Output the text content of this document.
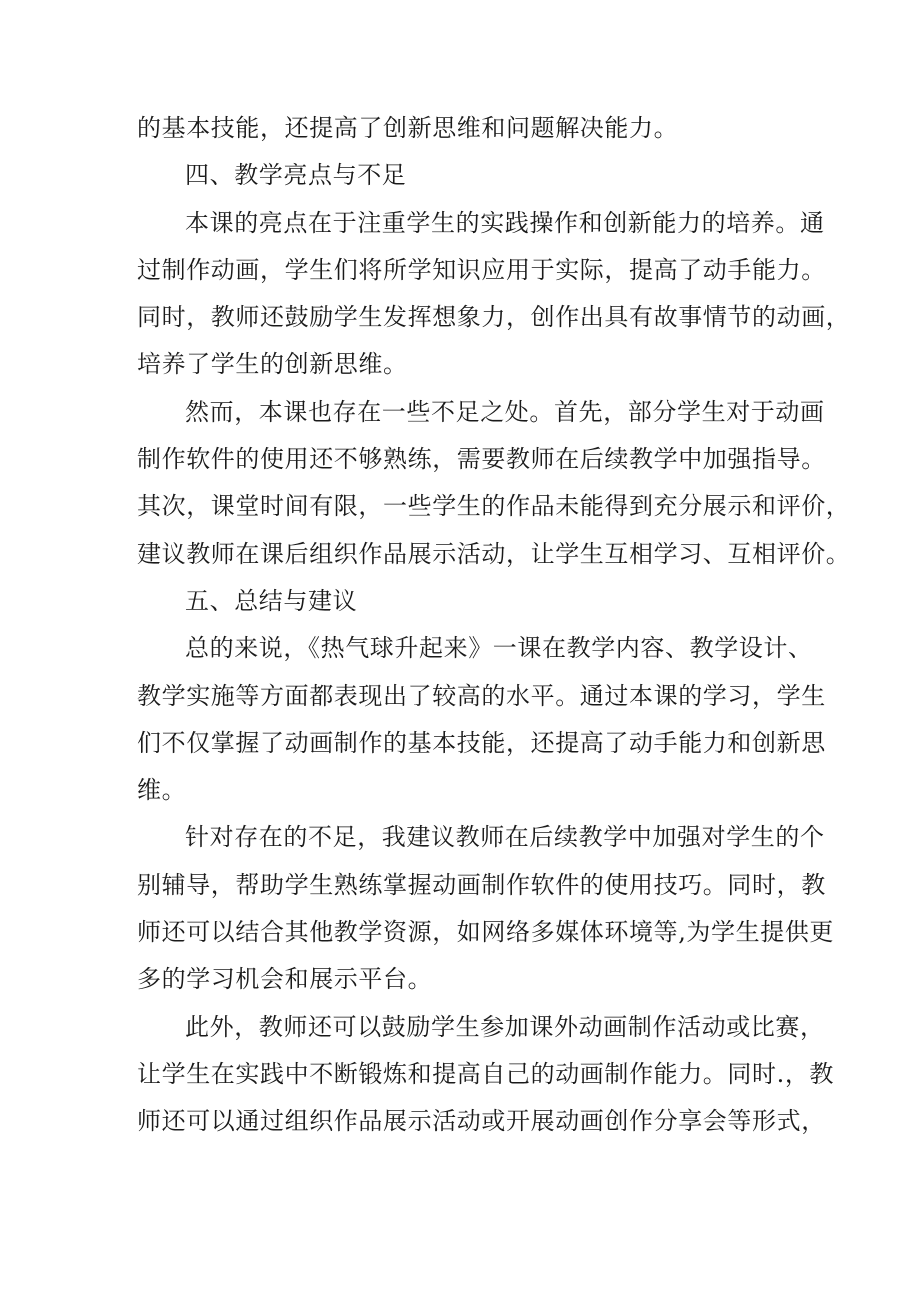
的基本技能，还提高了创新思维和问题解决能力。
四、教学亮点与不足
本课的亮点在于注重学生的实践操作和创新能力的培养。通
过制作动画，学生们将所学知识应用于实际，提高了动手能力。
同时，教师还鼓励学生发挥想象力，创作出具有故事情节的动画，
培养了学生的创新思维。
然而，本课也存在一些不足之处。首先，部分学生对于动画
制作软件的使用还不够熟练，需要教师在后续教学中加强指导。
其次，课堂时间有限，一些学生的作品未能得到充分展示和评价，
建议教师在课后组织作品展示活动，让学生互相学习、互相评价。
五、总结与建议
总的来说，《热气球升起来》一课在教学内容、教学设计、
教学实施等方面都表现出了较高的水平。通过本课的学习，学生
们不仅掌握了动画制作的基本技能，还提高了动手能力和创新思
维。
针对存在的不足，我建议教师在后续教学中加强对学生的个
别辅导，帮助学生熟练掌握动画制作软件的使用技巧。同时，教
师还可以结合其他教学资源，如网络多媒体环境等,为学生提供更
多的学习机会和展示平台。
此外，教师还可以鼓励学生参加课外动画制作活动或比赛，
让学生在实践中不断锻炼和提高自己的动画制作能力。同时.，教
师还可以通过组织作品展示活动或开展动画创作分享会等形式，
